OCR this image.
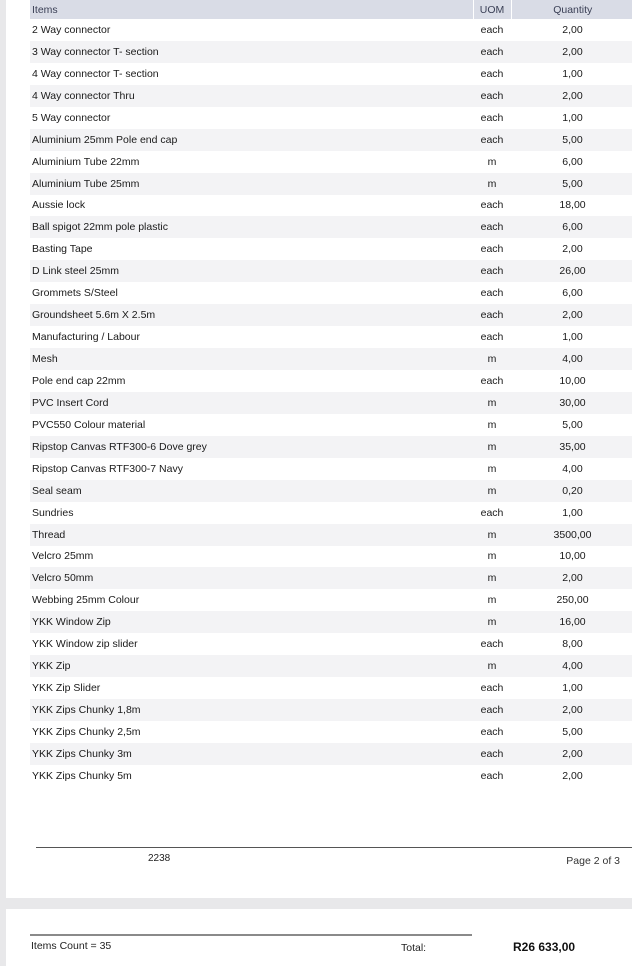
Items	UOM	Quantity
2 Way connector	each	2,00
3 Way connector T- section	each	2,00
4 Way connector T- section	each	1,00
4 Way connector Thru	each	2,00
5 Way connector	each	1,00
Aluminium 25mm Pole end cap	each	5,00
Aluminium Tube 22mm	m	6,00
Aluminium Tube 25mm	m	5,00
Aussie lock	each	18,00
Ball spigot 22mm pole plastic	each	6,00
Basting Tape	each	2,00
D Link steel 25mm	each	26,00
Grommets S/Steel	each	6,00
Groundsheet 5.6m X 2.5m	each	2,00
Manufacturing / Labour	each	1,00
Mesh	m	4,00
Pole end cap 22mm	each	10,00
PVC Insert Cord	m	30,00
PVC550 Colour material	m	5,00
Ripstop Canvas RTF300-6 Dove grey	m	35,00
Ripstop Canvas RTF300-7 Navy	m	4,00
Seal seam	m	0,20
Sundries	each	1,00
Thread	m	3500,00
Velcro 25mm	m	10,00
Velcro 50mm	m	2,00
Webbing 25mm Colour	m	250,00
YKK Window Zip	m	16,00
YKK Window zip slider	each	8,00
YKK Zip	m	4,00
YKK Zip Slider	each	1,00
YKK Zips Chunky 1,8m	each	2,00
YKK Zips Chunky 2,5m	each	5,00
YKK Zips Chunky 3m	each	2,00
YKK Zips Chunky 5m	each	2,00
2238	Page 2 of 3
Items Count = 35	Total:	R26 633,00
